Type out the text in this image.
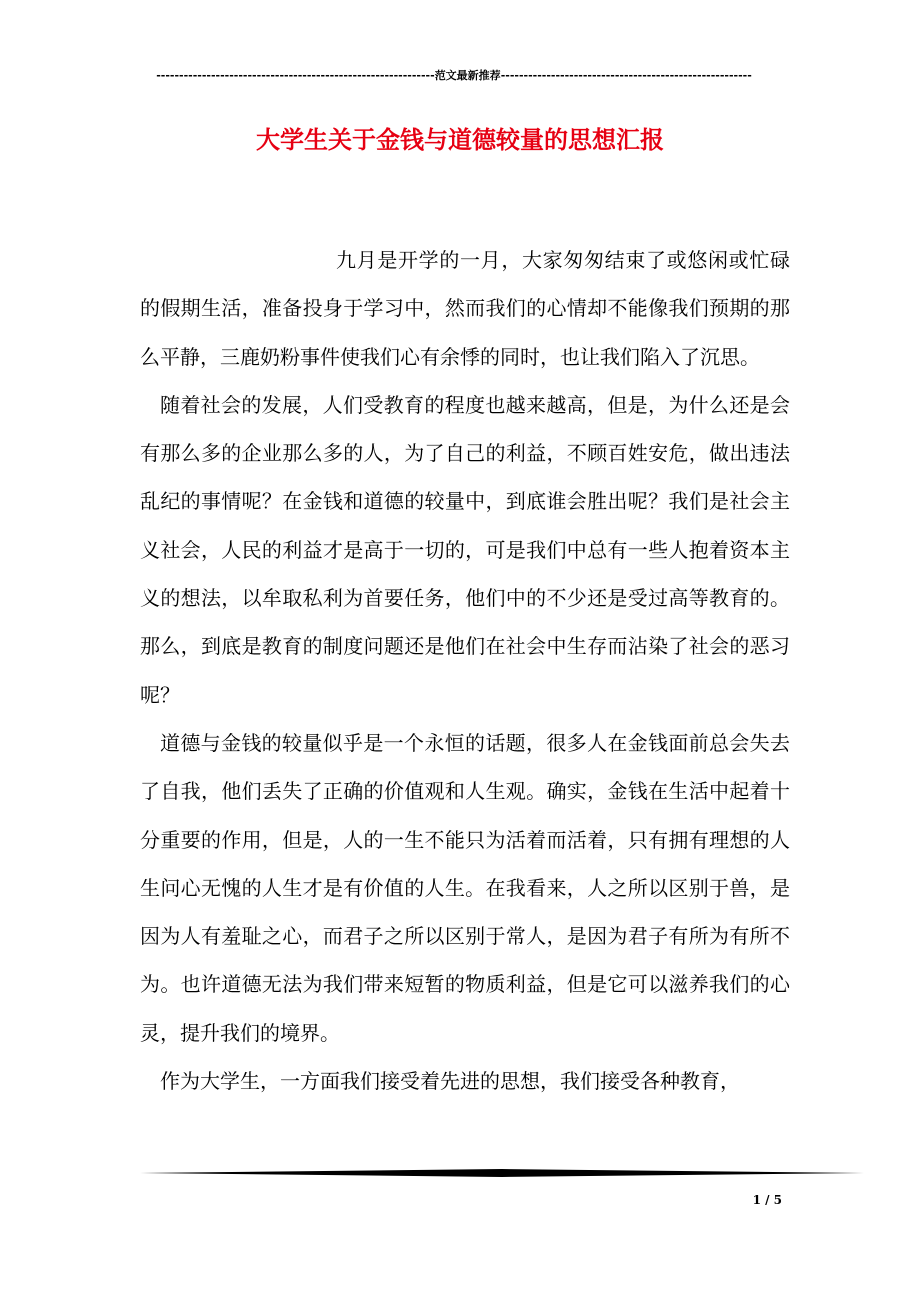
-------------------------------------------------------------范文最新推荐-------------------------------------------------------
大学生关于金钱与道德较量的思想汇报

九月是开学的一月，大家匆匆结束了或悠闲或忙碌的假期生活，准备投身于学习中，然而我们的心情却不能像我们预期的那么平静，三鹿奶粉事件使我们心有余悸的同时，也让我们陷入了沉思。

随着社会的发展，人们受教育的程度也越来越高，但是，为什么还是会有那么多的企业那么多的人，为了自己的利益，不顾百姓安危，做出违法乱纪的事情呢？在金钱和道德的较量中，到底谁会胜出呢？我们是社会主义社会，人民的利益才是高于一切的，可是我们中总有一些人抱着资本主义的想法，以牟取私利为首要任务，他们中的不少还是受过高等教育的。那么，到底是教育的制度问题还是他们在社会中生存而沾染了社会的恶习呢？

道德与金钱的较量似乎是一个永恒的话题，很多人在金钱面前总会失去了自我，他们丢失了正确的价值观和人生观。确实，金钱在生活中起着十分重要的作用，但是，人的一生不能只为活着而活着，只有拥有理想的人生问心无愧的人生才是有价值的人生。在我看来，人之所以区别于兽，是因为人有羞耻之心，而君子之所以区别于常人，是因为君子有所为有所不为。也许道德无法为我们带来短暂的物质利益，但是它可以滋养我们的心灵，提升我们的境界。

作为大学生，一方面我们接受着先进的思想，我们接受各种教育，

1 / 5
